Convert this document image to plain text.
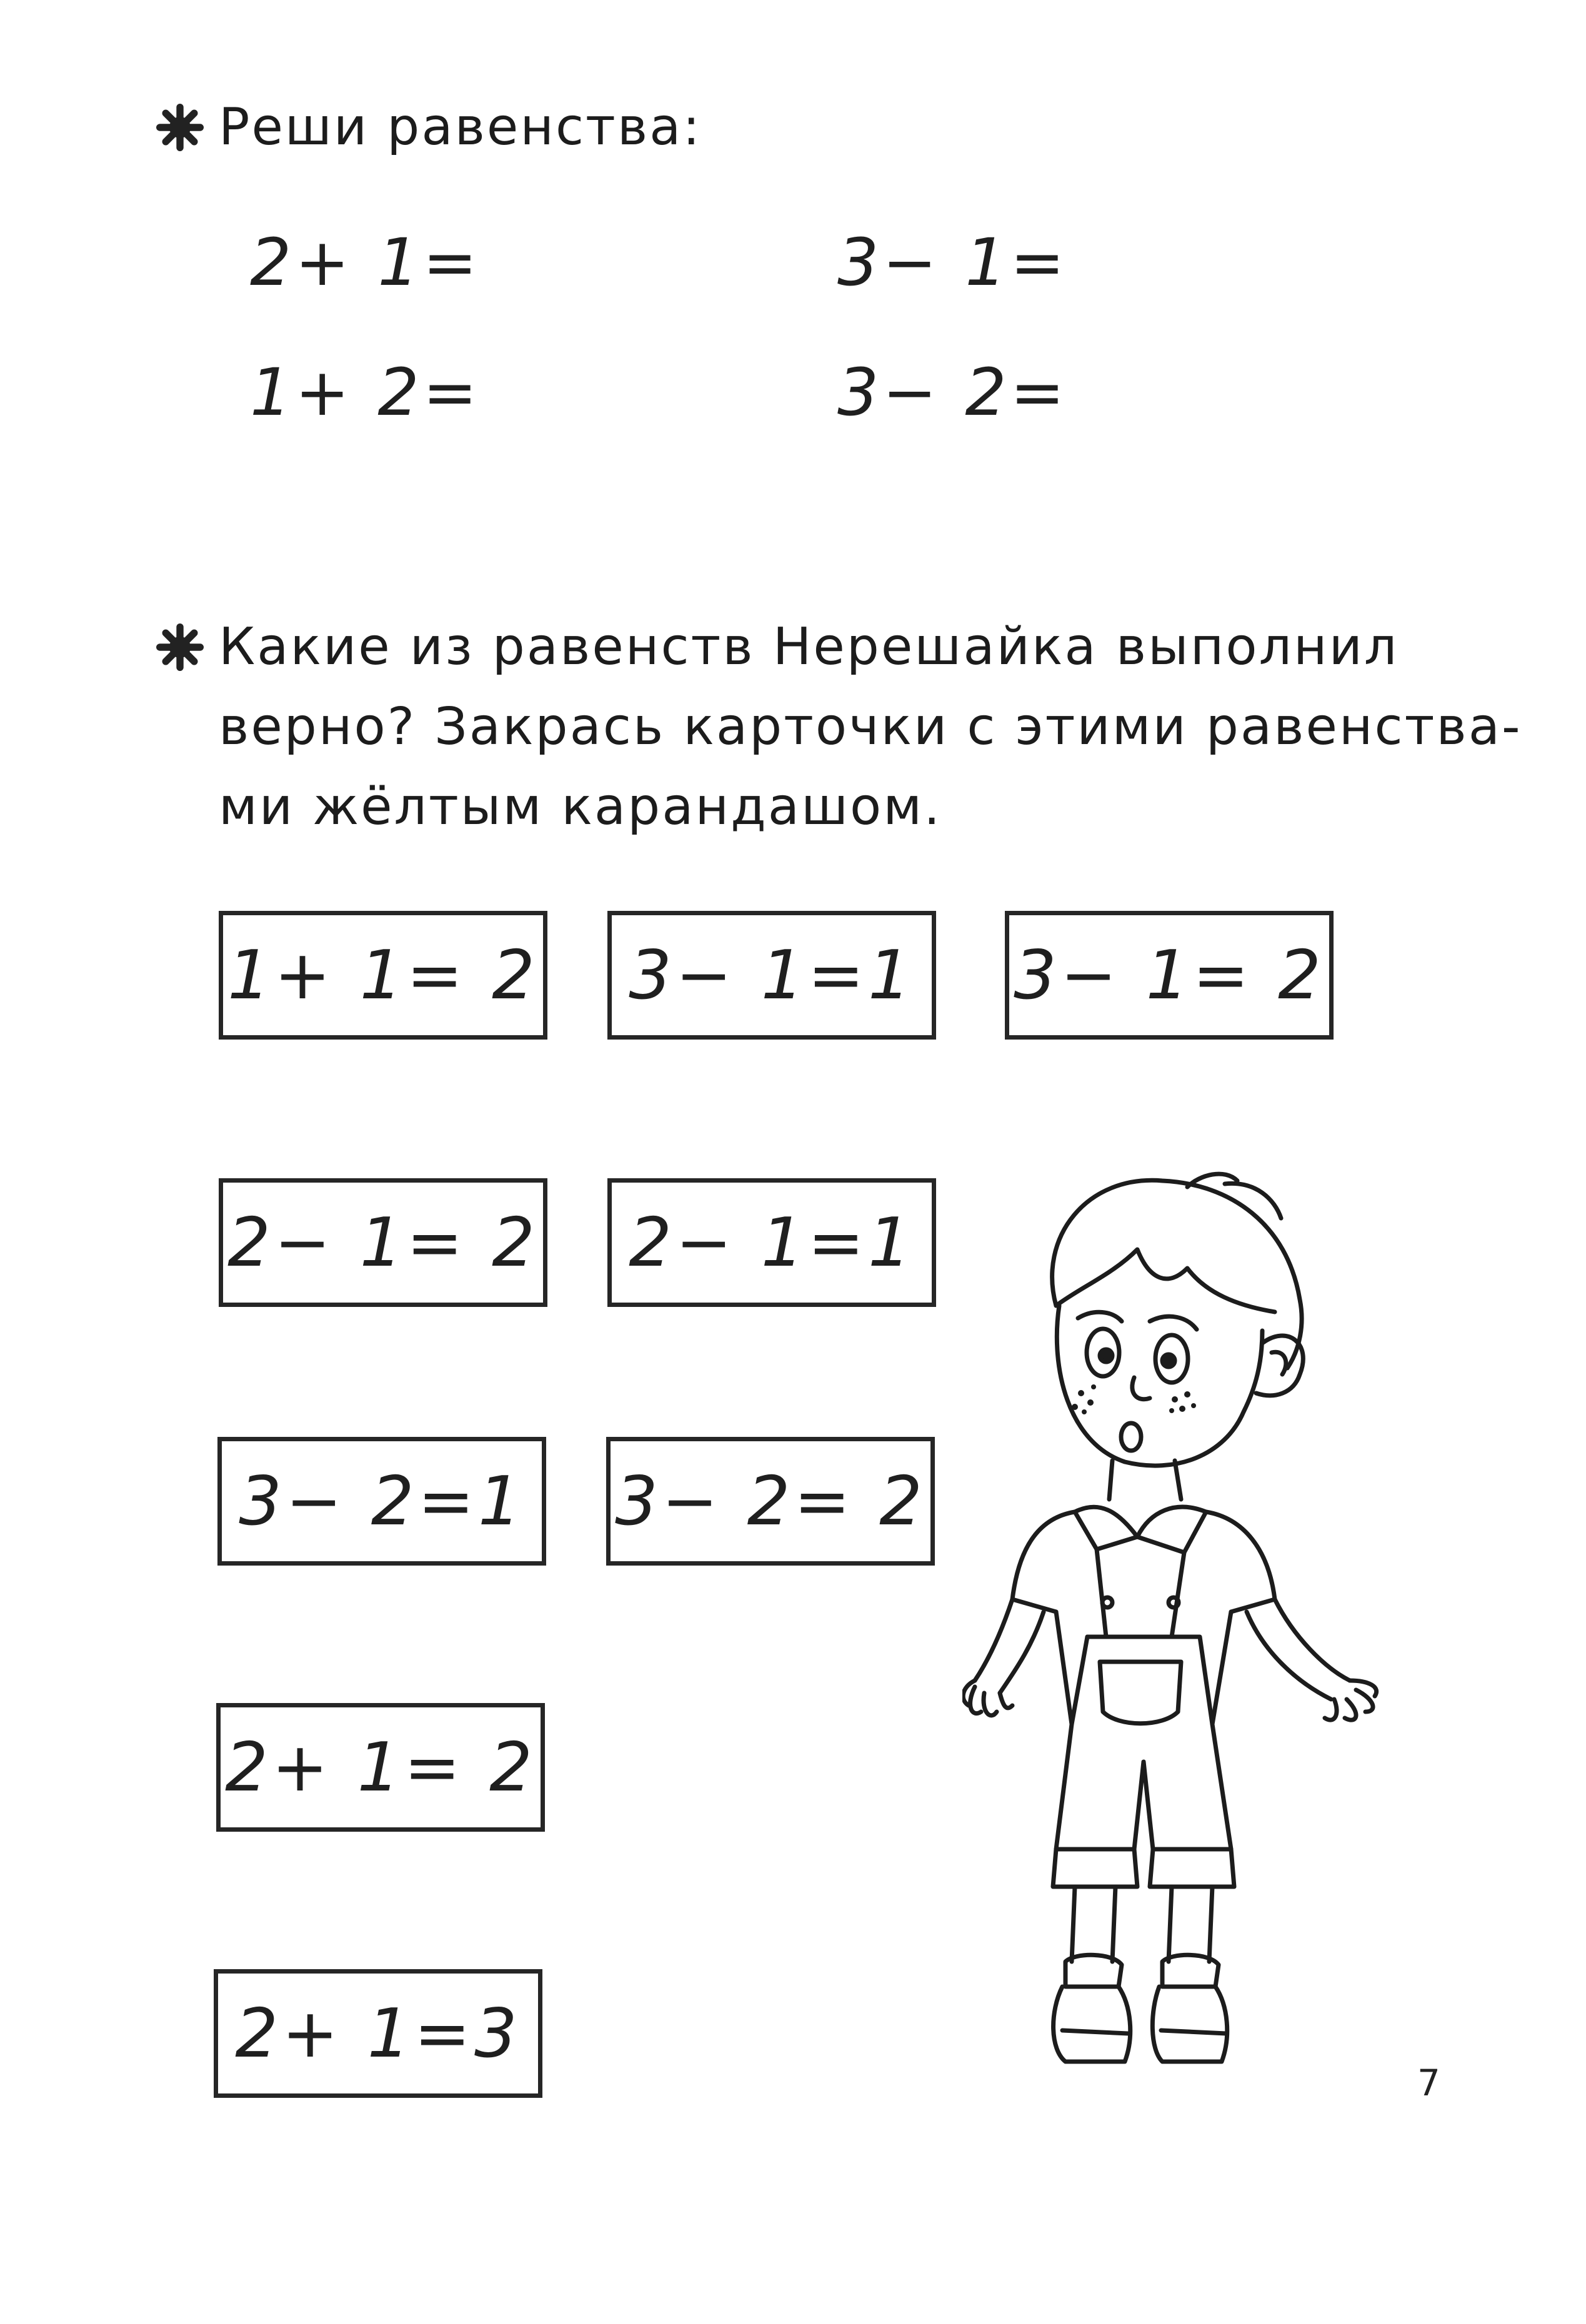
Реши равенства:

2+ 1=	3− 1=
1+ 2=	3− 2=

Какие из равенств Нерешайка выполнил

верно? Закрась карточки с этими равенства-

ми жёлтым карандашом.

1+ 1= 2 3− 1=1 3− 1= 2
2− 1= 2 2− 1=1
3− 2=1 3− 2= 2
2+ 1= 2
2+ 1=3
7
